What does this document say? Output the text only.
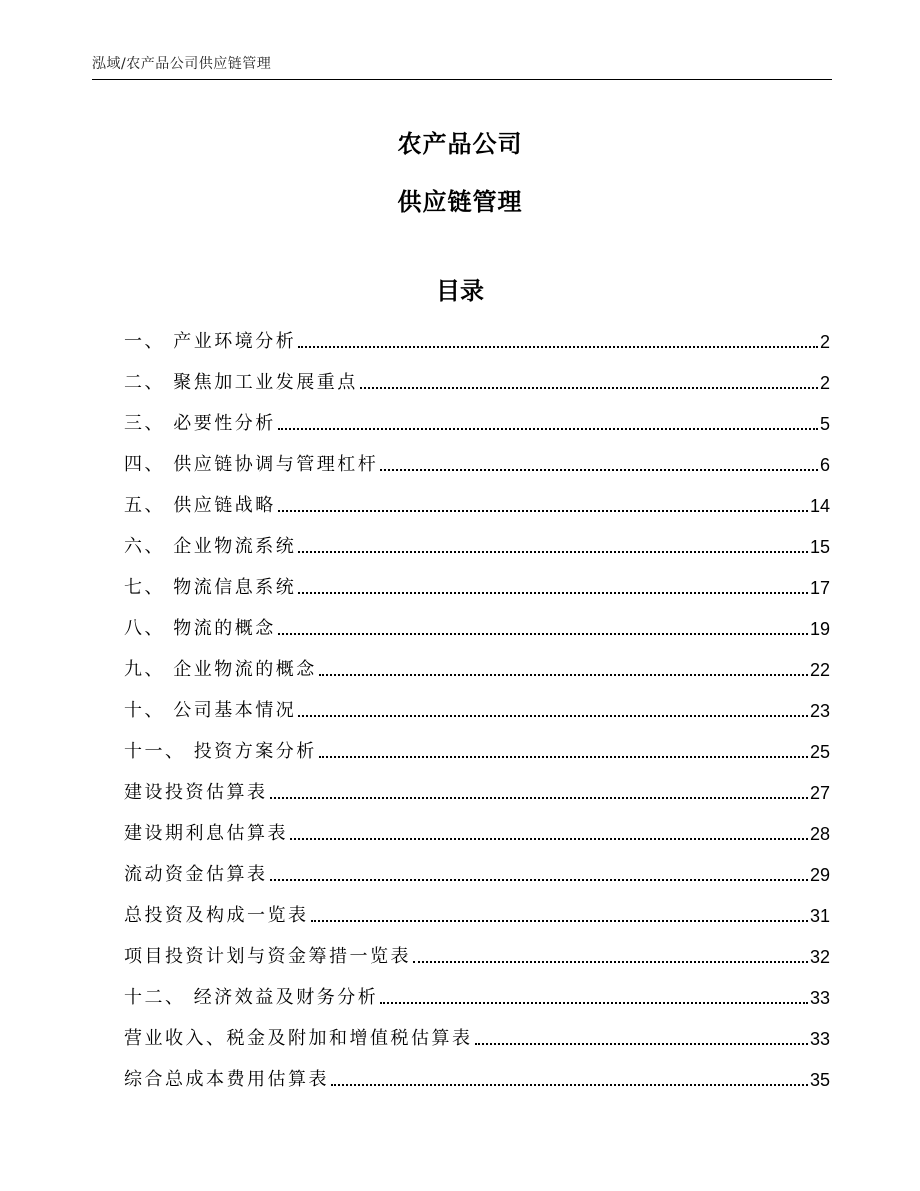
泓域/农产品公司供应链管理
农产品公司
供应链管理
目录
一、 产业环境分析	2
二、 聚焦加工业发展重点	2
三、 必要性分析	5
四、 供应链协调与管理杠杆	6
五、 供应链战略	14
六、 企业物流系统	15
七、 物流信息系统	17
八、 物流的概念	19
九、 企业物流的概念	22
十、 公司基本情况	23
十一、 投资方案分析	25
建设投资估算表	27
建设期利息估算表	28
流动资金估算表	29
总投资及构成一览表	31
项目投资计划与资金筹措一览表	32
十二、 经济效益及财务分析	33
营业收入、税金及附加和增值税估算表	33
综合总成本费用估算表	35
